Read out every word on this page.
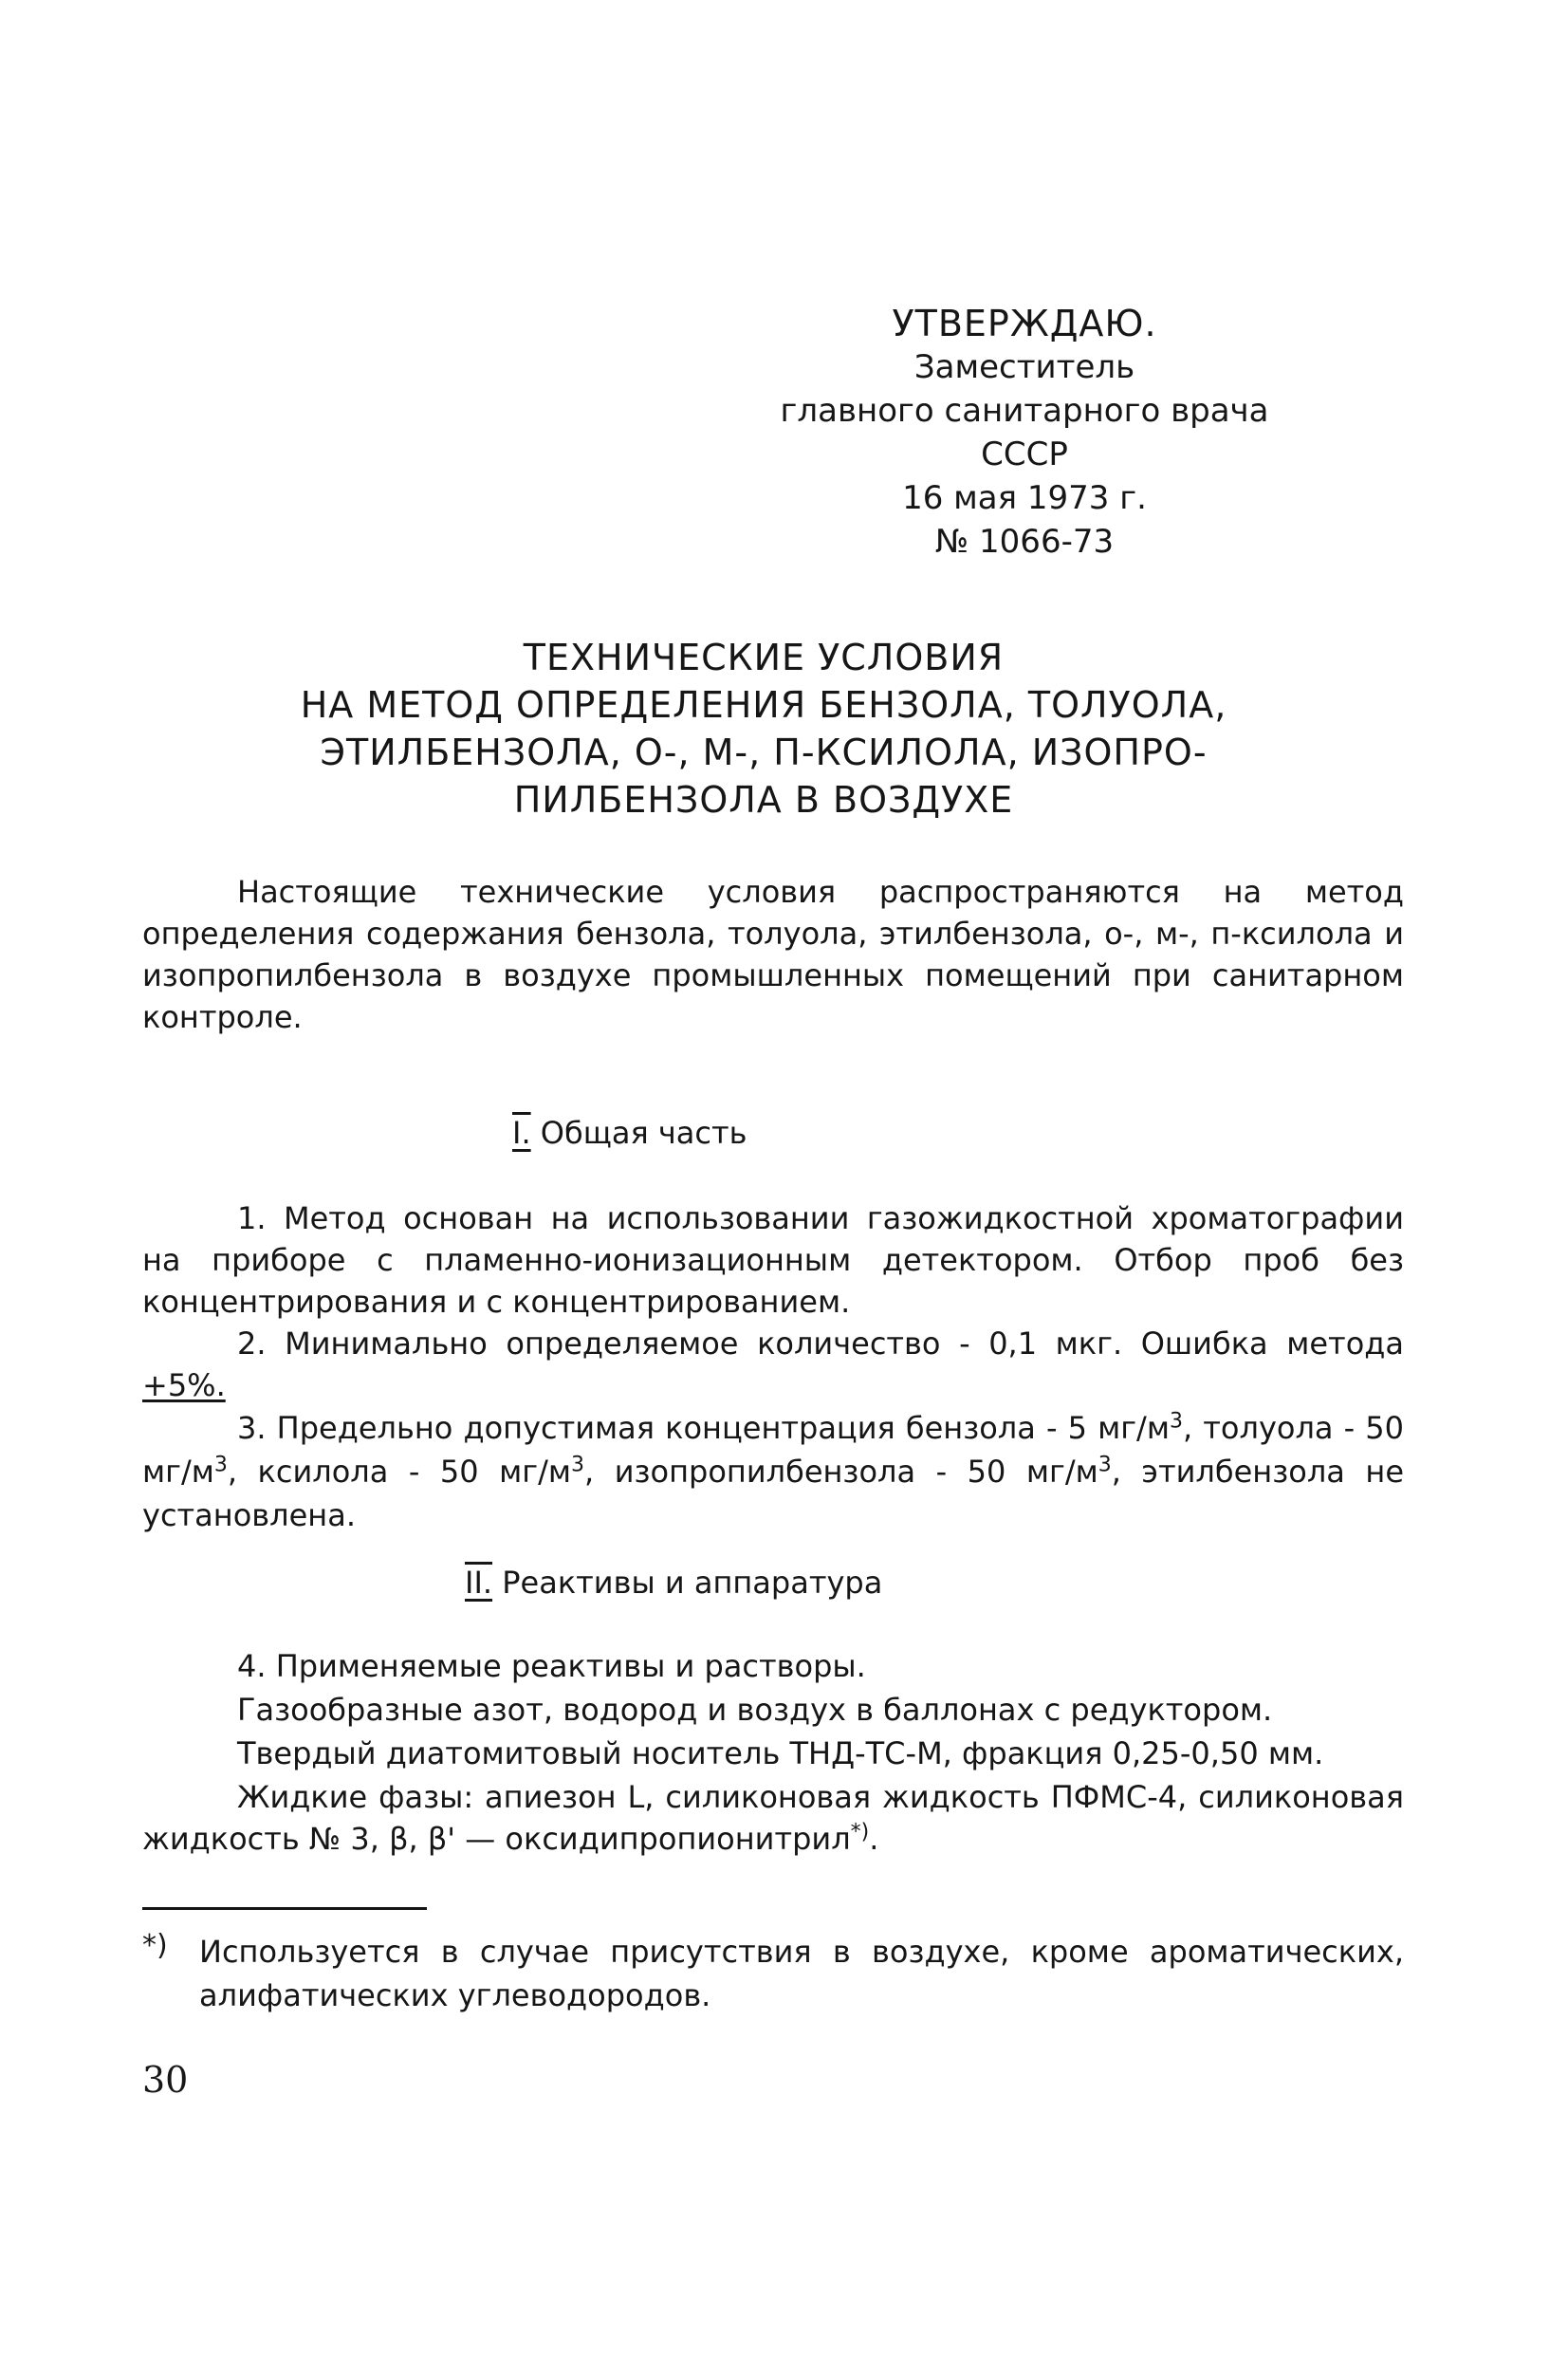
УТВЕРЖДАЮ.
Заместитель
главного санитарного врача
СССР
16 мая 1973 г.
№ 1066-73
ТЕХНИЧЕСКИЕ УСЛОВИЯ
НА МЕТОД ОПРЕДЕЛЕНИЯ БЕНЗОЛА, ТОЛУОЛА,
ЭТИЛБЕНЗОЛА, О-, М-, П-КСИЛОЛА, ИЗОПРО-
ПИЛБЕНЗОЛА В ВОЗДУХЕ
Настоящие технические условия распространяются на метод определения содержания бензола, толуола, этилбензола, о-, м-, п-ксилола и изопропилбензола в воздухе промышленных помещений при санитарном контроле.
I. Общая часть
1. Метод основан на использовании газожидкостной хроматографии на приборе с пламенно-ионизационным детектором. Отбор проб без концентрирования и с концентрированием.
2. Минимально определяемое количество - 0,1 мкг. Ошибка метода +5%.
3. Предельно допустимая концентрация бензола - 5 $мг/м^3$, толуола - 50 $мг/м^3$, ксилола - 50 $мг/м^3$, изопропилбензола - 50 $мг/м^3$, этилбензола не установлена.
II. Реактивы и аппаратура
4. Применяемые реактивы и растворы.
Газообразные азот, водород и воздух в баллонах с редуктором.
Твердый диатомитовый носитель ТНД-ТС-М, фракция 0,25-0,50 мм.
Жидкие фазы: апиезон L, силиконовая жидкость ПФМС-4, силиконовая жидкость № 3, β, β' — оксидипропионитрил*).
*)	Используется в случае присутствия в воздухе, кроме ароматических, алифатических углеводородов.
30
